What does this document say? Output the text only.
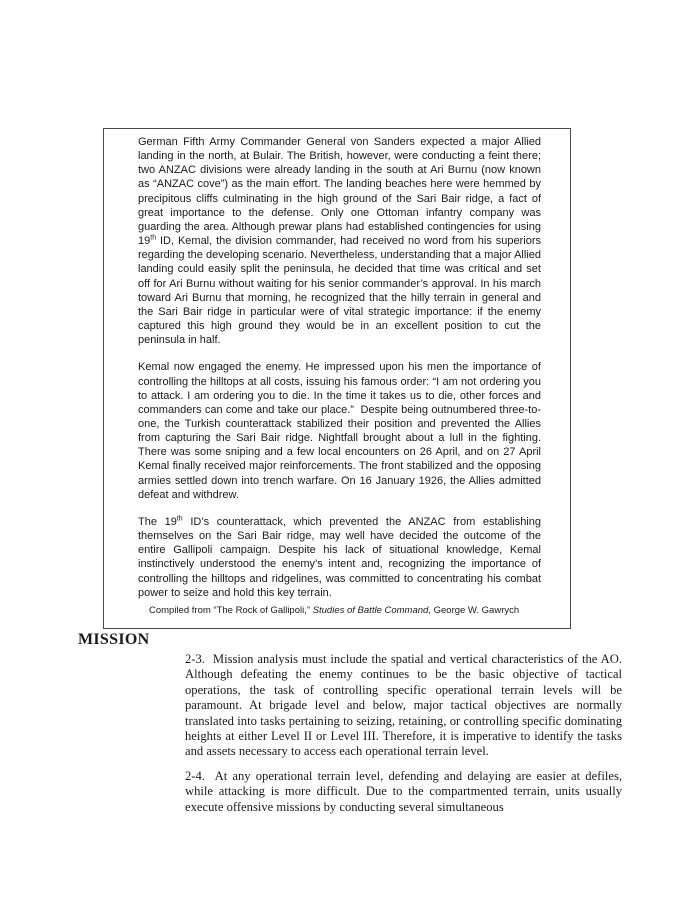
German Fifth Army Commander General von Sanders expected a major Allied landing in the north, at Bulair. The British, however, were conducting a feint there; two ANZAC divisions were already landing in the south at Ari Burnu (now known as “ANZAC cove”) as the main effort. The landing beaches here were hemmed by precipitous cliffs culminating in the high ground of the Sari Bair ridge, a fact of great importance to the defense. Only one Ottoman infantry company was guarding the area. Although prewar plans had established contingencies for using 19th ID, Kemal, the division commander, had received no word from his superiors regarding the developing scenario. Nevertheless, understanding that a major Allied landing could easily split the peninsula, he decided that time was critical and set off for Ari Burnu without waiting for his senior commander’s approval. In his march toward Ari Burnu that morning, he recognized that the hilly terrain in general and the Sari Bair ridge in particular were of vital strategic importance: if the enemy captured this high ground they would be in an excellent position to cut the peninsula in half.

Kemal now engaged the enemy. He impressed upon his men the importance of controlling the hilltops at all costs, issuing his famous order: “I am not ordering you to attack. I am ordering you to die. In the time it takes us to die, other forces and commanders can come and take our place.”  Despite being outnumbered three-to-one, the Turkish counterattack stabilized their position and prevented the Allies from capturing the Sari Bair ridge. Nightfall brought about a lull in the fighting. There was some sniping and a few local encounters on 26 April, and on 27 April Kemal finally received major reinforcements. The front stabilized and the opposing armies settled down into trench warfare. On 16 January 1926, the Allies admitted defeat and withdrew.

The 19th ID’s counterattack, which prevented the ANZAC from establishing themselves on the Sari Bair ridge, may well have decided the outcome of the entire Gallipoli campaign. Despite his lack of situational knowledge, Kemal instinctively understood the enemy’s intent and, recognizing the importance of controlling the hilltops and ridgelines, was committed to concentrating his combat power to seize and hold this key terrain.

Compiled from “The Rock of Gallipoli,” Studies of Battle Command, George W. Gawrych
MISSION

2-3.  Mission analysis must include the spatial and vertical characteristics of the AO. Although defeating the enemy continues to be the basic objective of tactical operations, the task of controlling specific operational terrain levels will be paramount. At brigade level and below, major tactical objectives are normally translated into tasks pertaining to seizing, retaining, or controlling specific dominating heights at either Level II or Level III. Therefore, it is imperative to identify the tasks and assets necessary to access each operational terrain level.

2-4.  At any operational terrain level, defending and delaying are easier at defiles, while attacking is more difficult. Due to the compartmented terrain, units usually execute offensive missions by conducting several simultaneous
